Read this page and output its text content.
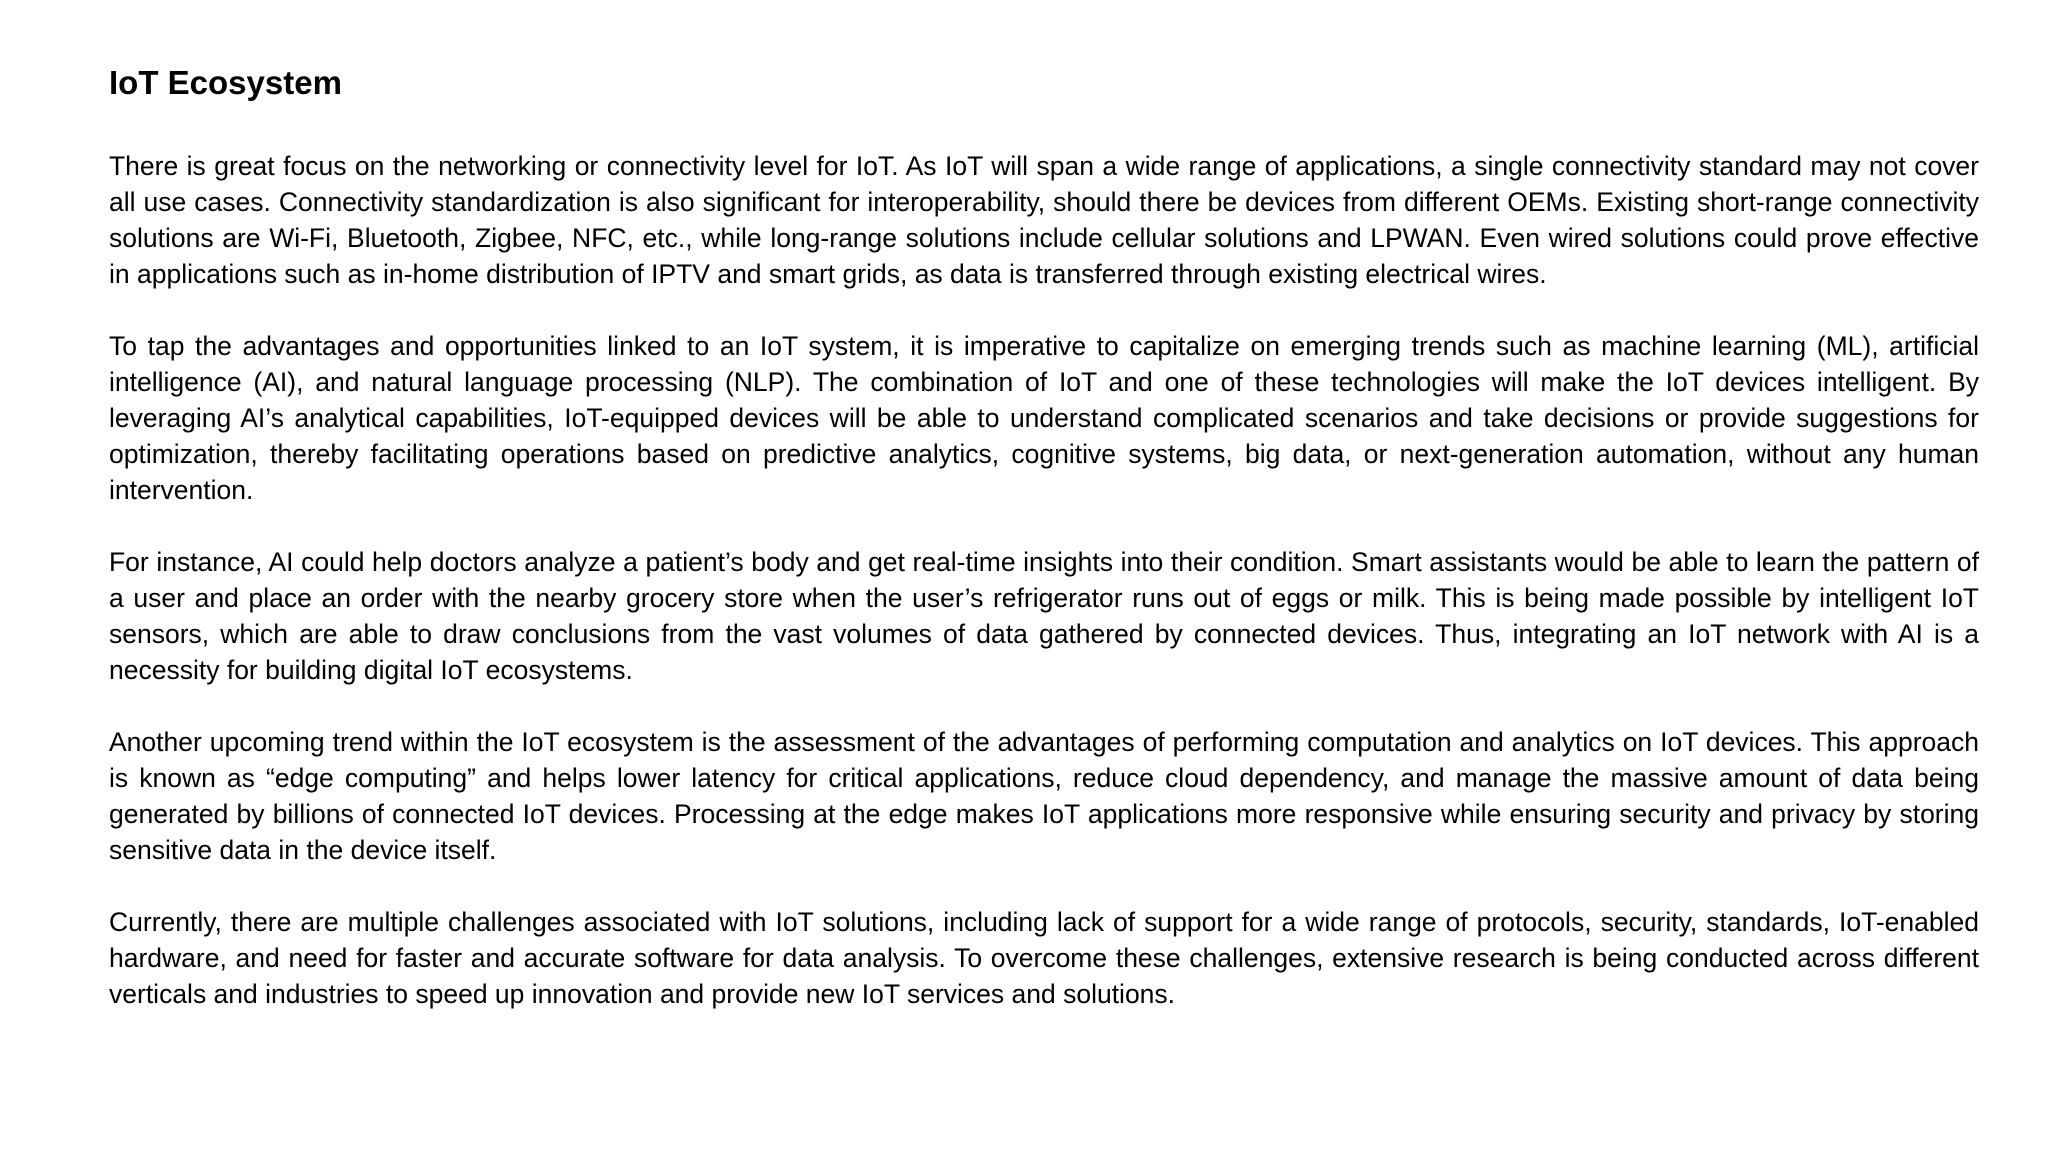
IoT Ecosystem

There is great focus on the networking or connectivity level for IoT. As IoT will span a wide range of applications, a single connectivity standard may not cover all use cases. Connectivity standardization is also significant for interoperability, should there be devices from different OEMs. Existing short-range connectivity solutions are Wi-Fi, Bluetooth, Zigbee, NFC, etc., while long-range solutions include cellular solutions and LPWAN. Even wired solutions could prove effective in applications such as in-home distribution of IPTV and smart grids, as data is transferred through existing electrical wires.

To tap the advantages and opportunities linked to an IoT system, it is imperative to capitalize on emerging trends such as machine learning (ML), artificial intelligence (AI), and natural language processing (NLP). The combination of IoT and one of these technologies will make the IoT devices intelligent. By leveraging AI’s analytical capabilities, IoT-equipped devices will be able to understand complicated scenarios and take decisions or provide suggestions for optimization, thereby facilitating operations based on predictive analytics, cognitive systems, big data, or next-generation automation, without any human intervention.

For instance, AI could help doctors analyze a patient’s body and get real-time insights into their condition. Smart assistants would be able to learn the pattern of a user and place an order with the nearby grocery store when the user’s refrigerator runs out of eggs or milk. This is being made possible by intelligent IoT sensors, which are able to draw conclusions from the vast volumes of data gathered by connected devices. Thus, integrating an IoT network with AI is a necessity for building digital IoT ecosystems.

Another upcoming trend within the IoT ecosystem is the assessment of the advantages of performing computation and analytics on IoT devices. This approach is known as “edge computing” and helps lower latency for critical applications, reduce cloud dependency, and manage the massive amount of data being generated by billions of connected IoT devices. Processing at the edge makes IoT applications more responsive while ensuring security and privacy by storing sensitive data in the device itself.

Currently, there are multiple challenges associated with IoT solutions, including lack of support for a wide range of protocols, security, standards, IoT-enabled hardware, and need for faster and accurate software for data analysis. To overcome these challenges, extensive research is being conducted across different verticals and industries to speed up innovation and provide new IoT services and solutions.
